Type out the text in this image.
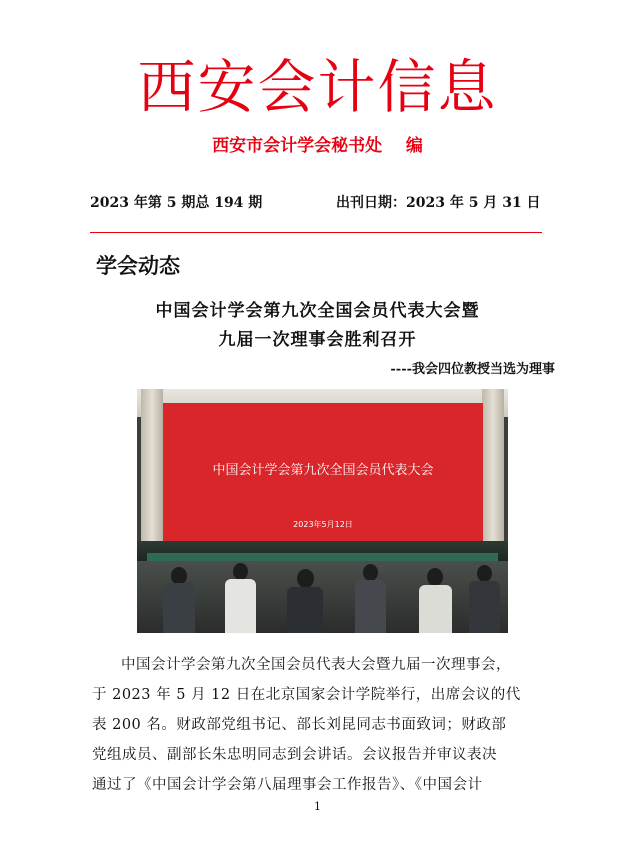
西安会计信息
西安市会计学会秘书处    编
2023 年第 5 期总 194 期	出刊日期：2023 年 5 月 31 日
学会动态
中国会计学会第九次全国会员代表大会暨
九届一次理事会胜利召开
----我会四位教授当选为理事
中国会计学会第九次全国会员代表大会
2023年5月12日
中国会计学会第九次全国会员代表大会暨九届一次理事会，
于 2023 年 5 月 12 日在北京国家会计学院举行，出席会议的代
表 200 名。财政部党组书记、部长刘昆同志书面致词；财政部
党组成员、副部长朱忠明同志到会讲话。会议报告并审议表决
通过了《中国会计学会第八届理事会工作报告》、《中国会计
1
